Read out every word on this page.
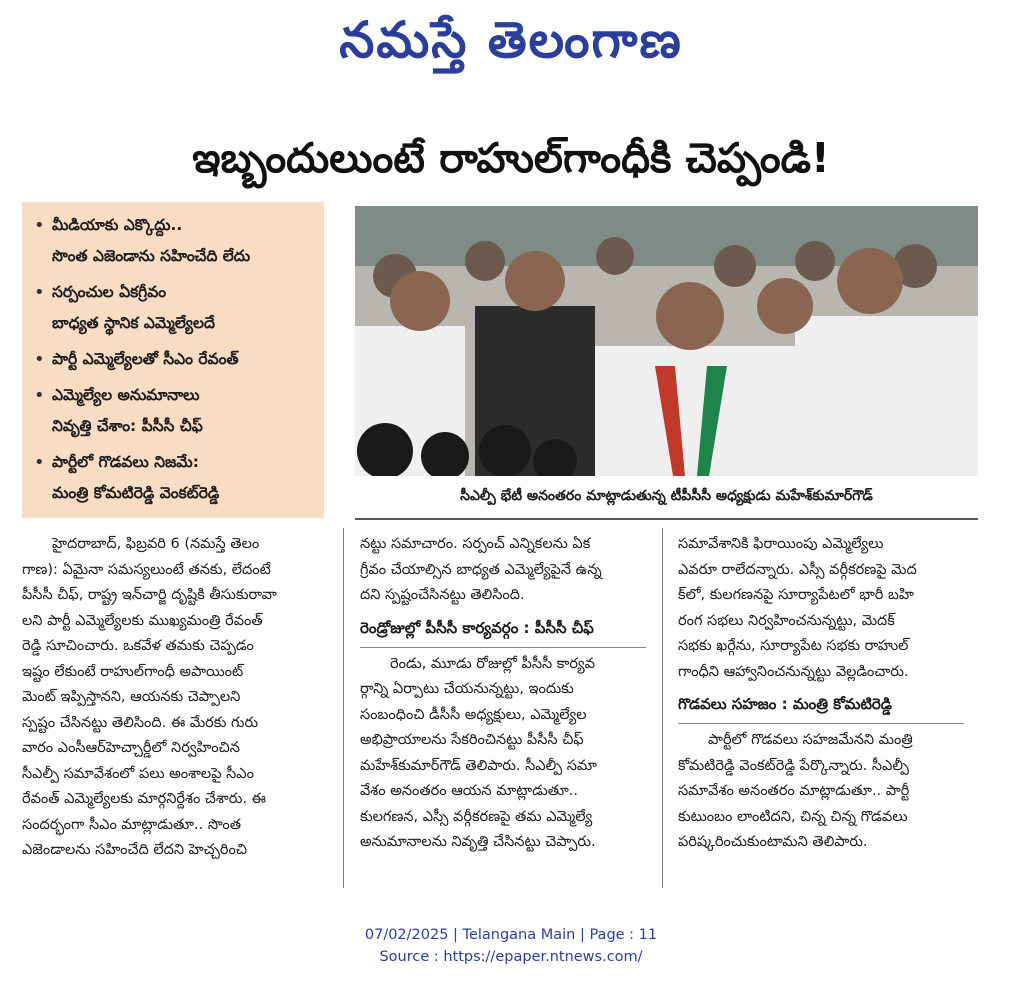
నమస్తే తెలంగాణ
ఇబ్బందులుంటే రాహుల్‌గాంధీకి చెప్పండి!
• మీడియాకు ఎక్కొద్దు..
సొంత ఎజెండాను సహించేది లేదు
• సర్పంచుల ఏకగ్రీవం
బాధ్యత స్థానిక ఎమ్మెల్యేలదే
• పార్టీ ఎమ్మెల్యేలతో సీఎం రేవంత్
• ఎమ్మెల్యేల అనుమానాలు
నివృత్తి చేశాం: పీసీసీ చీఫ్
• పార్టీలో గొడవలు నిజమే:
మంత్రి కోమటిరెడ్డి వెంకట్‌రెడ్డి	సీఎల్పీ భేటీ అనంతరం మాట్లాడుతున్న టీపీసీసీ అధ్యక్షుడు మహేశ్‌కుమార్‌గౌడ్
హైదరాబాద్, ఫిబ్రవరి 6 (నమస్తే తెలం
గాణ): ఏమైనా సమస్యలుంటే తనకు, లేదంటే
పీసీసీ చీఫ్, రాష్ట్ర ఇన్‌చార్జి దృష్టికి తీసుకురావా
లని పార్టీ ఎమ్మెల్యేలకు ముఖ్యమంత్రి రేవంత్
రెడ్డి సూచించారు. ఒకవేళ తమకు చెప్పడం
ఇష్టం లేకుంటే రాహుల్‌గాంధీ అపాయింట్
మెంట్ ఇప్పిస్తానని, ఆయనకు చెప్పాలని
స్పష్టం చేసినట్టు తెలిసింది. ఈ మేరకు గురు
వారం ఎంసీఆర్‌హెచ్చార్డీలో నిర్వహించిన
సీఎల్పీ సమావేశంలో పలు అంశాలపై సీఎం
రేవంత్ ఎమ్మెల్యేలకు మార్గనిర్దేశం చేశారు. ఈ
సందర్భంగా సీఎం మాట్లాడుతూ.. సొంత
ఎజెండాలను సహించేది లేదని హెచ్చరించి
నట్టు సమాచారం. సర్పంచ్ ఎన్నికలను ఏక
గ్రీవం చేయాల్సిన బాధ్యత ఎమ్మెల్యేపైనే ఉన్న
దని స్పష్టంచేసినట్టు తెలిసింది.
రెండ్రోజుల్లో పీసీసీ కార్యవర్గం : పీసీసీ చీఫ్
రెండు, మూడు రోజుల్లో పీసీసీ కార్యవ
ర్గాన్ని ఏర్పాటు చేయనున్నట్టు, ఇందుకు
సంబంధించి డీసీసీ అధ్యక్షులు, ఎమ్మెల్యేల
అభిప్రాయాలను సేకరించినట్టు పీసీసీ చీఫ్
మహేశ్‌కుమార్‌గౌడ్ తెలిపారు. సీఎల్పీ సమా
వేశం అనంతరం ఆయన మాట్లాడుతూ..
కులగణన, ఎస్సీ వర్గీకరణపై తమ ఎమ్మెల్యే
అనుమానాలను నివృత్తి చేసినట్టు చెప్పారు.
సమావేశానికి ఫిరాయింపు ఎమ్మెల్యేలు
ఎవరూ రాలేదన్నారు. ఎస్సీ వర్గీకరణపై మెద
క్‌లో, కులగణనపై సూర్యాపేటలో భారీ బహి
రంగ సభలు నిర్వహించనున్నట్టు, మెదక్
సభకు ఖర్గేను, సూర్యాపేట సభకు రాహుల్
గాంధీని ఆహ్వానించనున్నట్టు వెల్లడించారు.
గొడవలు సహజం : మంత్రి కోమటిరెడ్డి
పార్టీలో గొడవలు సహజమేనని మంత్రి
కోమటిరెడ్డి వెంకట్‌రెడ్డి పేర్కొన్నారు. సీఎల్పీ
సమావేశం అనంతరం మాట్లాడుతూ.. పార్టీ
కుటుంబం లాంటిదని, చిన్న చిన్న గొడవలు
పరిష్కరించుకుంటామని తెలిపారు.
07/02/2025 | Telangana Main | Page : 11
Source : https://epaper.ntnews.com/
